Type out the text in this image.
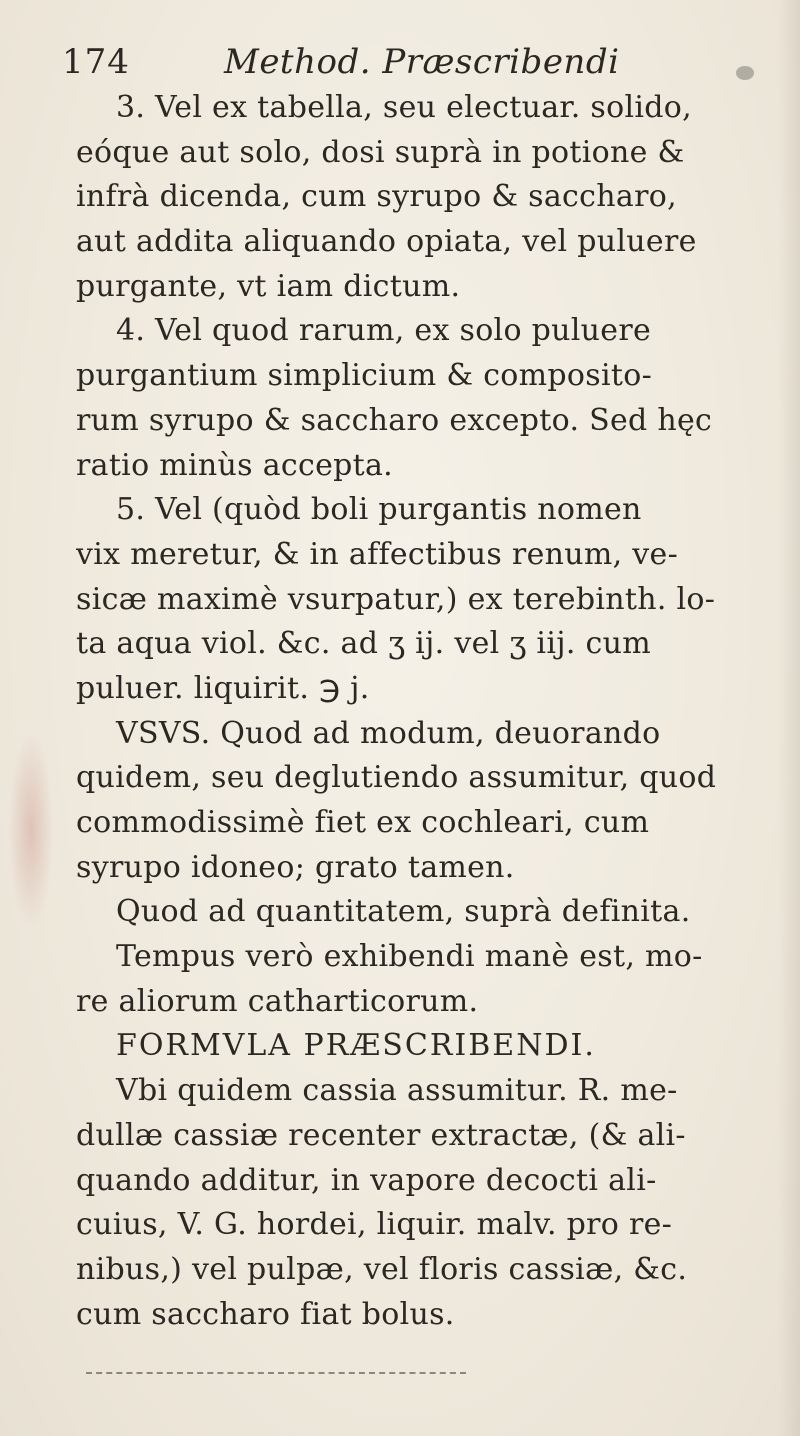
174	Method. Præscribendi
3. Vel ex tabella, seu electuar. solido,
eóque aut solo, dosi suprà in potione &
infrà dicenda, cum syrupo & saccharo,
aut addita aliquando opiata, vel puluere
purgante, vt iam dictum.
4. Vel quod rarum, ex solo puluere
purgantium simplicium & composito-
rum syrupo & saccharo excepto. Sed hęc
ratio minùs accepta.
5. Vel (quòd boli purgantis nomen
vix meretur, & in affectibus renum, ve-
sicæ maximè vsurpatur,) ex terebinth. lo-
ta aqua viol. &c. ad ʒ ij. vel ʒ iij. cum
puluer. liquirit. ℈ j.
VSVS. Quod ad modum, deuorando
quidem, seu deglutiendo assumitur, quod
commodissimè fiet ex cochleari, cum
syrupo idoneo; grato tamen.
Quod ad quantitatem, suprà definita.
Tempus verò exhibendi manè est, mo-
re aliorum catharticorum.
FORMVLA PRÆSCRIBENDI.
Vbi quidem cassia assumitur. R. me-
dullæ cassiæ recenter extractæ, (& ali-
quando additur, in vapore decocti ali-
cuius, V. G. hordei, liquir. malv. pro re-
nibus,) vel pulpæ, vel floris cassiæ, &c.
cum saccharo fiat bolus.
